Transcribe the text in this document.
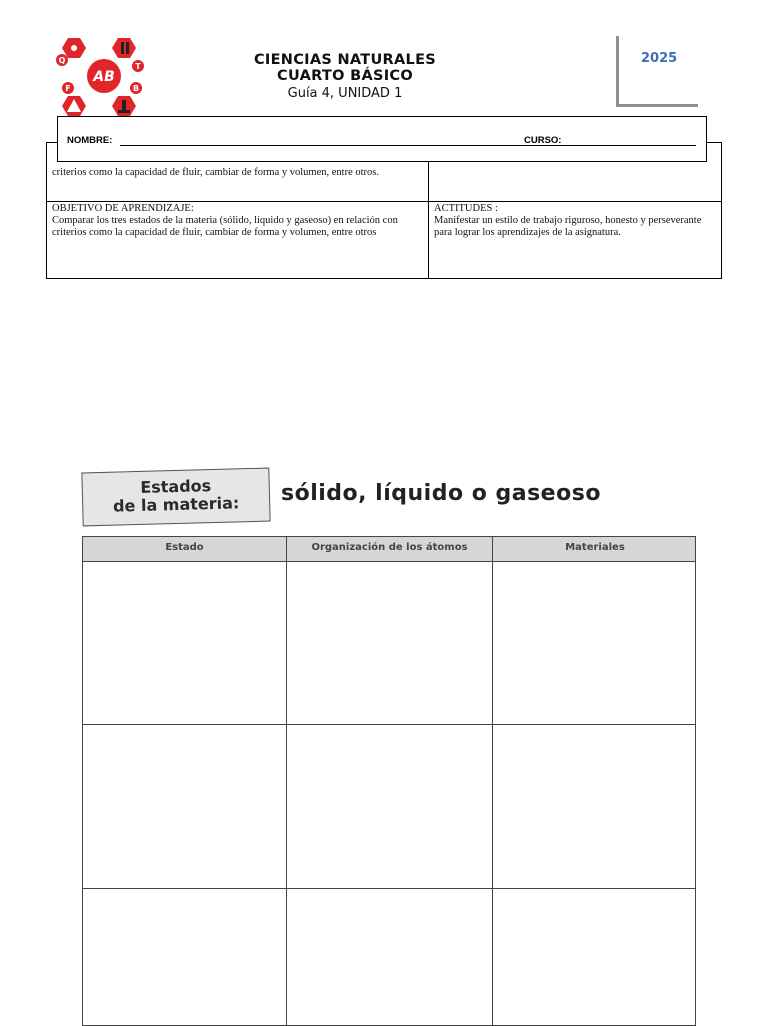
AB
Q
T
F	B
CIENCIAS NATURALES
CUARTO BÁSICO
Guía 4, UNIDAD 1
2025
criterios como la capacidad de fluir, cambiar de forma y volumen, entre otros.
OBJETIVO DE APRENDIZAJE:
Comparar los tres estados de la materia (sólido, líquido y gaseoso) en relación con criterios como la capacidad de fluir, cambiar de forma y volumen, entre otros
ACTITUDES :
Manifestar un estilo de trabajo riguroso, honesto y perseverante para lograr los aprendizajes de la asignatura.
NOMBRE:	CURSO:
Estados
de la materia:	sólido, líquido o gaseoso
Estado	Organización de los átomos	Materiales
